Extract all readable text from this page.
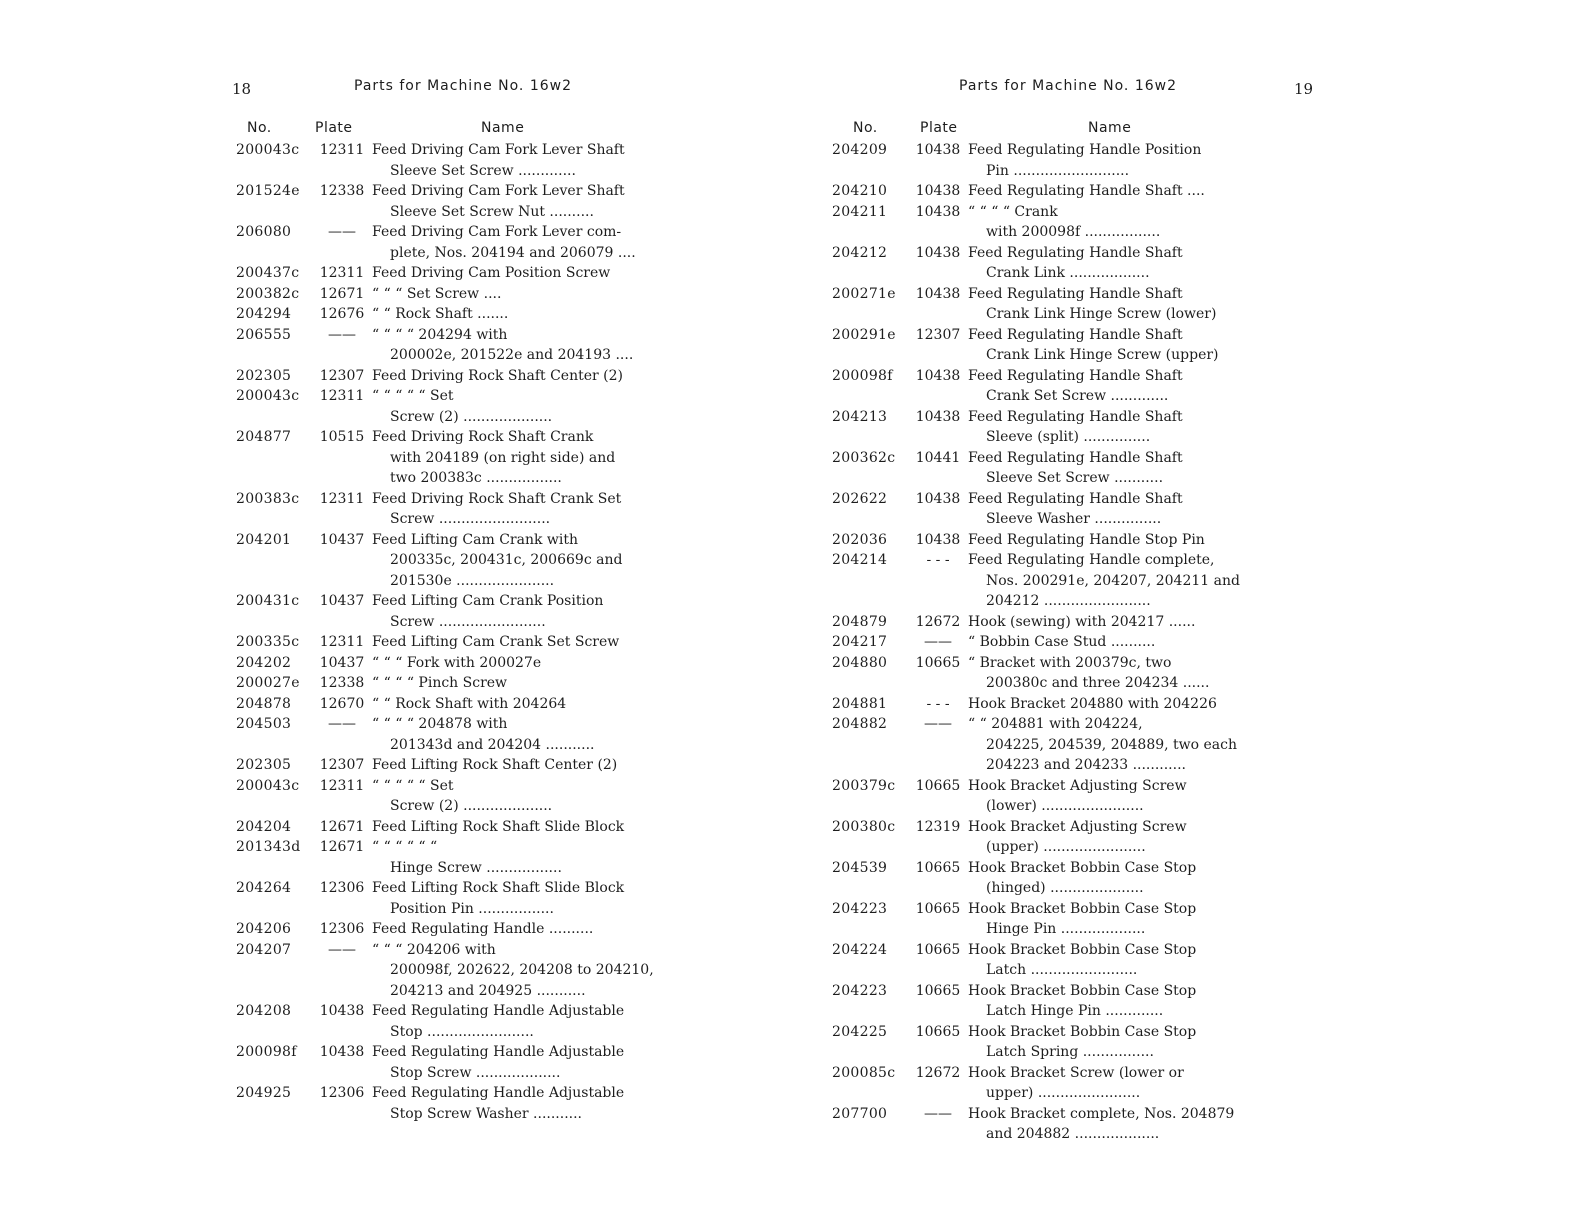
18	Parts for Machine No. 16w2
No.	Plate	Name
200043c	12311 Feed Driving Cam Fork Lever Shaft
Sleeve Set Screw .............
201524e	12338 Feed Driving Cam Fork Lever Shaft
Sleeve Set Screw Nut ..........
206080	——	Feed Driving Cam Fork Lever com-
plete, Nos. 204194 and 206079 ....
200437c	12311 Feed Driving Cam Position Screw
200382c	12671 “ “ “ Set Screw ....
204294	12676 “ “ Rock Shaft .......
206555	——	“ “ “ “ 204294 with
200002e, 201522e and 204193 ....
202305	12307 Feed Driving Rock Shaft Center (2)
200043c	12311 “ “ “ “ “ Set
Screw (2) ....................
204877	10515 Feed Driving Rock Shaft Crank
with 204189 (on right side) and
two 200383c .................
200383c	12311 Feed Driving Rock Shaft Crank Set
Screw .........................
204201	10437 Feed Lifting Cam Crank with
200335c, 200431c, 200669c and
201530e ......................
200431c	10437 Feed Lifting Cam Crank Position
Screw ........................
200335c	12311 Feed Lifting Cam Crank Set Screw
204202	10437 “ “ “ Fork with 200027e
200027e	12338 “ “ “ “ Pinch Screw
204878	12670 “ “ Rock Shaft with 204264
204503	——	“ “ “ “ 204878 with
201343d and 204204 ...........
202305	12307 Feed Lifting Rock Shaft Center (2)
200043c	12311 “ “ “ “ “ Set
Screw (2) ....................
204204	12671 Feed Lifting Rock Shaft Slide Block
201343d	12671 “ “ “ “ “ “
Hinge Screw .................
204264	12306 Feed Lifting Rock Shaft Slide Block
Position Pin .................
204206	12306 Feed Regulating Handle ..........
204207	——	“ “ “ 204206 with
200098f, 202622, 204208 to 204210,
204213 and 204925 ...........
204208	10438 Feed Regulating Handle Adjustable
Stop ........................
200098f	10438 Feed Regulating Handle Adjustable
Stop Screw ...................
204925	12306 Feed Regulating Handle Adjustable
Stop Screw Washer ...........
19
Parts for Machine No. 16w2
No.	Plate	Name
204209	10438 Feed Regulating Handle Position
Pin ..........................
204210	10438 Feed Regulating Handle Shaft ....
204211	10438 “ “ “ “ Crank
with 200098f .................
204212	10438 Feed Regulating Handle Shaft
Crank Link ..................
200271e	10438 Feed Regulating Handle Shaft
Crank Link Hinge Screw (lower)
200291e	12307 Feed Regulating Handle Shaft
Crank Link Hinge Screw (upper)
200098f	10438 Feed Regulating Handle Shaft
Crank Set Screw .............
204213	10438 Feed Regulating Handle Shaft
Sleeve (split) ...............
200362c	10441 Feed Regulating Handle Shaft
Sleeve Set Screw ...........
202622	10438 Feed Regulating Handle Shaft
Sleeve Washer ...............
202036	10438 Feed Regulating Handle Stop Pin
204214	- - -	Feed Regulating Handle complete,
Nos. 200291e, 204207, 204211 and
204212 ........................
204879	12672 Hook (sewing) with 204217 ......
204217	——	“ Bobbin Case Stud ..........
204880	10665 “ Bracket with 200379c, two
200380c and three 204234 ......
204881	- - -	Hook Bracket 204880 with 204226
204882	——	“ “ 204881 with 204224,
204225, 204539, 204889, two each
204223 and 204233 ............
200379c	10665 Hook Bracket Adjusting Screw
(lower) .......................
200380c	12319 Hook Bracket Adjusting Screw
(upper) .......................
204539	10665 Hook Bracket Bobbin Case Stop
(hinged) .....................
204223	10665 Hook Bracket Bobbin Case Stop
Hinge Pin ...................
204224	10665 Hook Bracket Bobbin Case Stop
Latch ........................
204223	10665 Hook Bracket Bobbin Case Stop
Latch Hinge Pin .............
204225	10665 Hook Bracket Bobbin Case Stop
Latch Spring ................
200085c	12672 Hook Bracket Screw (lower or
upper) .......................
207700	——	Hook Bracket complete, Nos. 204879
and 204882 ...................
